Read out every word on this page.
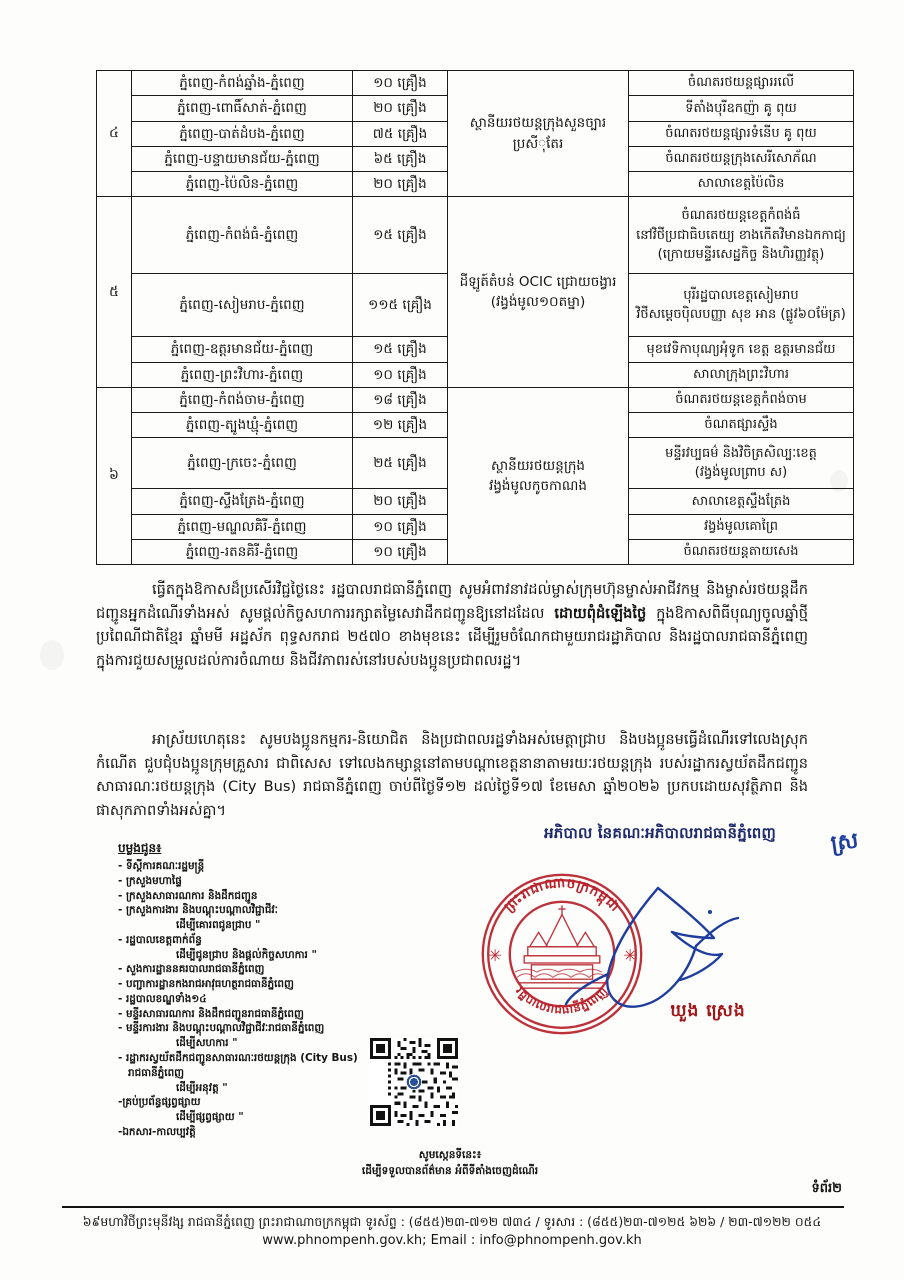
៤	ភ្នំពេញ-កំពង់ឆ្នាំង-ភ្នំពេញ	១០ គ្រឿង	ស្ថានីយរថយន្តក្រុងសួនច្បារប្រសីុតែរ	ចំណតរថយន្តផ្សាររលើ

	ភ្នំពេញ-ពោធិ៍សាត់-ភ្នំពេញ	២០ គ្រឿង		ទីតាំងបុរីឧកញ៉ា គូ ពុយ

	ភ្នំពេញ-បាត់ដំបង-ភ្នំពេញ	៧៥ គ្រឿង		ចំណតរថយន្តផ្សារទំនើប គូ ពុយ

	ភ្នំពេញ-បន្ទាយមានជ័យ-ភ្នំពេញ	៦៥ គ្រឿង		ចំណតរថយន្តក្រុងសេរីសោភ័ណ

	ភ្នំពេញ-ប៉ៃលិន-ភ្នំពេញ	២០ គ្រឿង		សាលាខេត្តប៉ៃលិន

៥	ភ្នំពេញ-កំពង់ធំ-ភ្នំពេញ	១៥ គ្រឿង	ដីឡូត៍តំបន់ OCIC ជ្រោយចង្វារ
(វង្វង់មូល១០តម្នា)	ចំណតរថយន្តខេត្តកំពង់ធំ
នៅវិថីប្រជាធិបតេយ្យ ខាងកើតវិមានឯកកាជ្យ
(ក្រោយមន្ទីរសេដ្ឋកិច្ច និងហិរញ្ញវត្ថុ)

	ភ្នំពេញ-សៀមរាប-ភ្នំពេញ	១១៥ គ្រឿង		បុរីរដ្ឋបាលខេត្តសៀមរាប
វិថីសម្ដេចបុិលបញ្ញា សុខ អាន (ផ្លូវ៦០ម៉ែត្រ)

	ភ្នំពេញ-ឧត្តរមានជ័យ-ភ្នំពេញ	១៥ គ្រឿង		មុខវេទិកាបុណ្យអុំទូក ខេត្ត ឧត្តរមានជ័យ

	ភ្នំពេញ-ព្រះវិហារ-ភ្នំពេញ	១០ គ្រឿង		សាលាក្រុងព្រះវិហារ

៦	ភ្នំពេញ-កំពង់ចាម-ភ្នំពេញ	១៨ គ្រឿង	ស្ថានីយរថយន្តក្រុង
វង្វង់មូលកូចកាណង	ចំណតរថយន្តខេត្តកំពង់ចាម

	ភ្នំពេញ-ត្បូងឃ្មុំ-ភ្នំពេញ	១២ គ្រឿង		ចំណតផ្សារស្ទឹង

	ភ្នំពេញ-ក្រចេះ-ភ្នំពេញ	២៥ គ្រឿង		មន្ទីរវប្បធម៌ និងវិចិត្រសិល្បៈខេត្ត
(វង្វង់មូលព្រាប ស)

	ភ្នំពេញ-ស្ទឹងត្រែង-ភ្នំពេញ	២០ គ្រឿង		សាលាខេត្តស្ទឹងត្រែង

	ភ្នំពេញ-មណ្ឌលគិរី-ភ្នំពេញ	១០ គ្រឿង		វង្វង់មូលគោព្រៃ

	ភ្នំពេញ-រតនគិរី-ភ្នំពេញ	១០ គ្រឿង		ចំណតរថយន្តតាយសេង
ធ្វើតក្នុងឱកាសដ៏ប្រសើរវិជ្ជថ្ងៃនេះ រដ្ឋបាលរាជធានីភ្នំពេញ សូមអំពាវនាវដល់ម្ចាស់ក្រុមហ៊ុនម្ចាស់អាជីវកម្ម និងម្ចាស់រថយន្តដឹកជញ្ជូនអ្នកដំណើរទាំងអស់ សូមផ្ដល់កិច្ចសហការរក្សាតម្លៃសេវាដឹកជញ្ជូនឱ្យនៅដដែល ដោយពុំដំឡើងថ្លៃ ក្នុងឱកាសពិធីបុណ្យចូលឆ្នាំថ្មី ប្រពៃណីជាតិខ្មែរ ឆ្នាំមមី អដ្ឋស័ក ពុទ្ធសករាជ ២៥៧០ ខាងមុខនេះ ដើម្បីរួមចំណែកជាមួយរាជរដ្ឋាភិបាល និងរដ្ឋបាលរាជធានីភ្នំពេញ ក្នុងការជួយសម្រួលដល់ការចំណាយ និងជីវភាពរស់នៅរបស់បងប្អូនប្រជាពលរដ្ឋ។
អាស្រ័យហេតុនេះ សូមបងប្អូនកម្មករ-និយោជិត និងប្រជាពលរដ្ឋទាំងអស់មេត្តាជ្រាប និងបងប្អូនមធ្វើដំណើរទៅលេងស្រុកកំណើត ជួបជុំបងប្អូនក្រុមគ្រួសារ ជាពិសេស ទៅលេងកម្សាន្តនៅតាមបណ្ដាខេត្តនានាតាមរយៈរថយន្តក្រុង របស់រដ្ឋាករស្វយ័តដឹកជញ្ជូនសាធារណៈរថយន្តក្រុង (City Bus) រាជធានីភ្នំពេញ ចាប់ពីថ្ងៃទី១២ ដល់ថ្ងៃទី១៧ ខែមេសា ឆ្នាំ២០២៦ ប្រកបដោយសុវត្ថិភាព និងផាសុកភាពទាំងអស់គ្នា។
បម្លងជូន៖
- ទីស្ដីការគណៈរដ្ឋមន្ត្រី
- ក្រសួងមហាផ្ទៃ
- ក្រសួងសាធារណការ និងដឹកជញ្ជូន
- ក្រសួងការងារ និងបណ្ដុះបណ្ដាលវិជ្ជាជីវៈ
ដើម្បីគោរពជូនជ្រាប "
- រដ្ឋបាលខេត្តពាក់ព័ន្ធ
ដើម្បីជូនជ្រាប និងផ្ដល់កិច្ចសហការ "
- សួងការដ្ឋាននគរបាលរាជធានីភ្នំពេញ
- បញ្ជាការដ្ឋានកងរាជអាវុធហត្ថរាជធានីភ្នំពេញ
- រដ្ឋបាលខណ្ឌទាំង១៤
- មន្ទីរសាធារណការ និងដឹកជញ្ជូនរាជធានីភ្នំពេញ
- មន្ទីរការងារ និងបណ្ដុះបណ្ដាលវិជ្ជាជីវៈរាជធានីភ្នំពេញ
ដើម្បីសហការ "
- រដ្ឋាករស្វយ័តដឹកជញ្ជូនសាធារណៈរថយន្តក្រុង (City Bus)
រាជធានីភ្នំពេញ
ដើម្បីអនុវត្ត "
- គ្រប់ប្រព័ន្ធផ្សព្វផ្សាយ
ដើម្បីផ្សព្វផ្សាយ "
- ឯកសារ-កាលប្បវត្តិ
អភិបាល នៃគណៈអភិបាលរាជធានីភ្នំពេញ
ព្រះរាជាណាចក្រកម្ពុជា
រដ្ឋបាលរាជធានីភ្នំពេញ
✳	✳
ឃួង ស្រេង
ស្រ
សូមស្កេនទីនេះ៖
ដើម្បីទទួលបានព័ត៌មាន អំពីទីតាំងចេញដំណើរ
ទំព័រ២
៦៩មហាវិថីព្រះមុនីវង្ស រាជធានីភ្នំពេញ ព្រះរាជាណាចក្រកម្ពុជា ទូរស័ព្ទ : (៨៥៥)២៣-៧១២ ៧៣៤ / ទូរសារ : (៨៥៥)២៣-៧១២៥ ៦២៦ / ២៣-៧១២២ ០៥៤
www.phnompenh.gov.kh; Email : info@phnompenh.gov.kh
